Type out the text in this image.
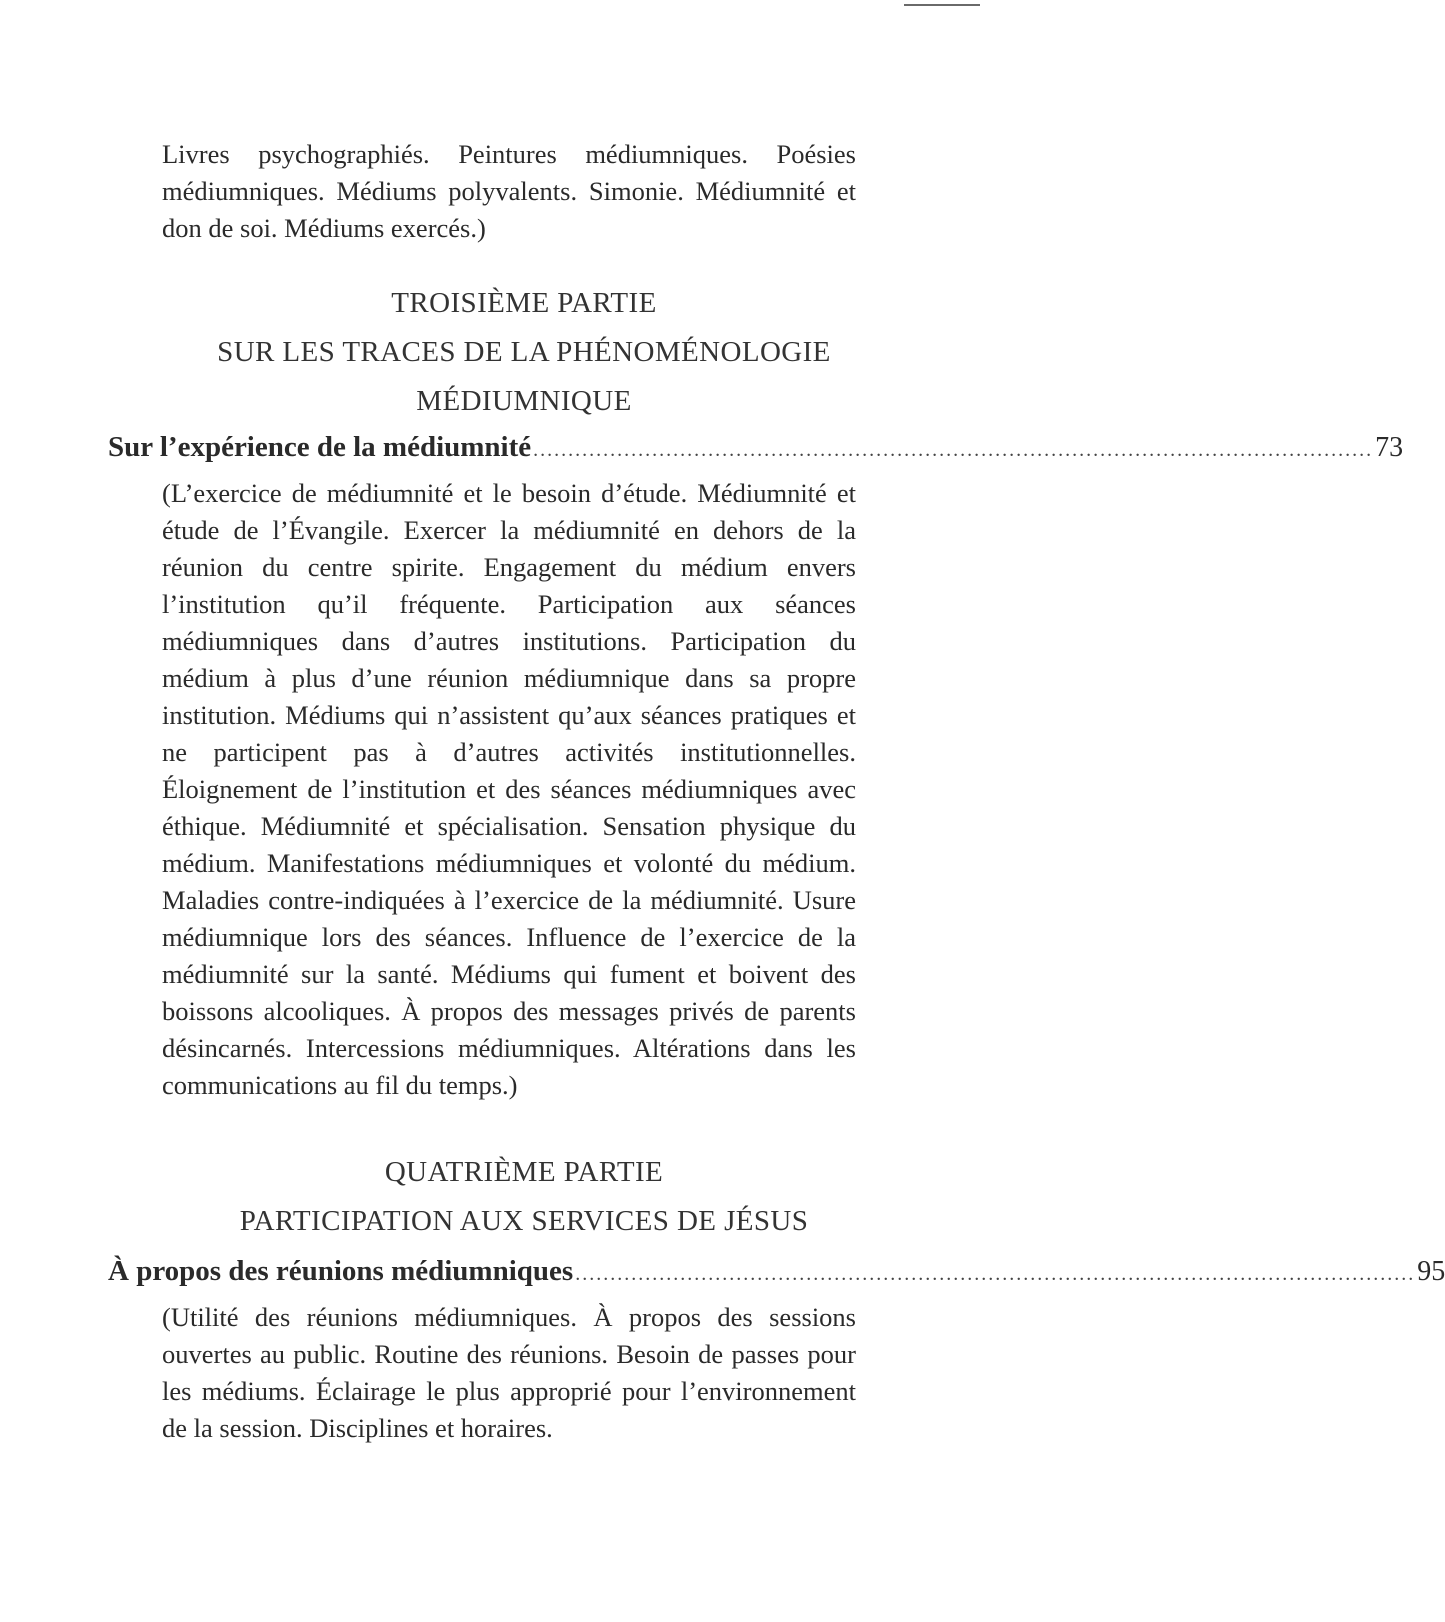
Livres psychographiés. Peintures médiumniques. Poésies médiumniques. Médiums polyvalents. Simonie. Médiumnité et don de soi. Médiums exercés.)

TROISIÈME PARTIE

SUR LES TRACES DE LA PHÉNOMÉNOLOGIE

MÉDIUMNIQUE

Sur l’expérience de la médiumnité ........................................................................................................................ 73

(L’exercice de médiumnité et le besoin d’étude. Médiumnité et étude de l’Évangile. Exercer la médiumnité en dehors de la réunion du centre spirite. Engagement du médium envers l’institution qu’il fréquente. Participation aux séances médiumniques dans d’autres institutions. Participation du médium à plus d’une réunion médiumnique dans sa propre institution. Médiums qui n’assistent qu’aux séances pratiques et ne participent pas à d’autres activités institutionnelles. Éloignement de l’institution et des séances médiumniques avec éthique. Médiumnité et spécialisation. Sensation physique du médium. Manifestations médiumniques et volonté du médium. Maladies contre-indiquées à l’exercice de la médiumnité. Usure médiumnique lors des séances. Influence de l’exercice de la médiumnité sur la santé. Médiums qui fument et boivent des boissons alcooliques. À propos des messages privés de parents désincarnés. Intercessions médiumniques. Altérations dans les communications au fil du temps.)

QUATRIÈME PARTIE

PARTICIPATION AUX SERVICES DE JÉSUS

À propos des réunions médiumniques ........................................................................................................................ 95

(Utilité des réunions médiumniques. À propos des sessions ouvertes au public. Routine des réunions. Besoin de passes pour les médiums. Éclairage le plus approprié pour l’environnement de la session. Disciplines et horaires.
